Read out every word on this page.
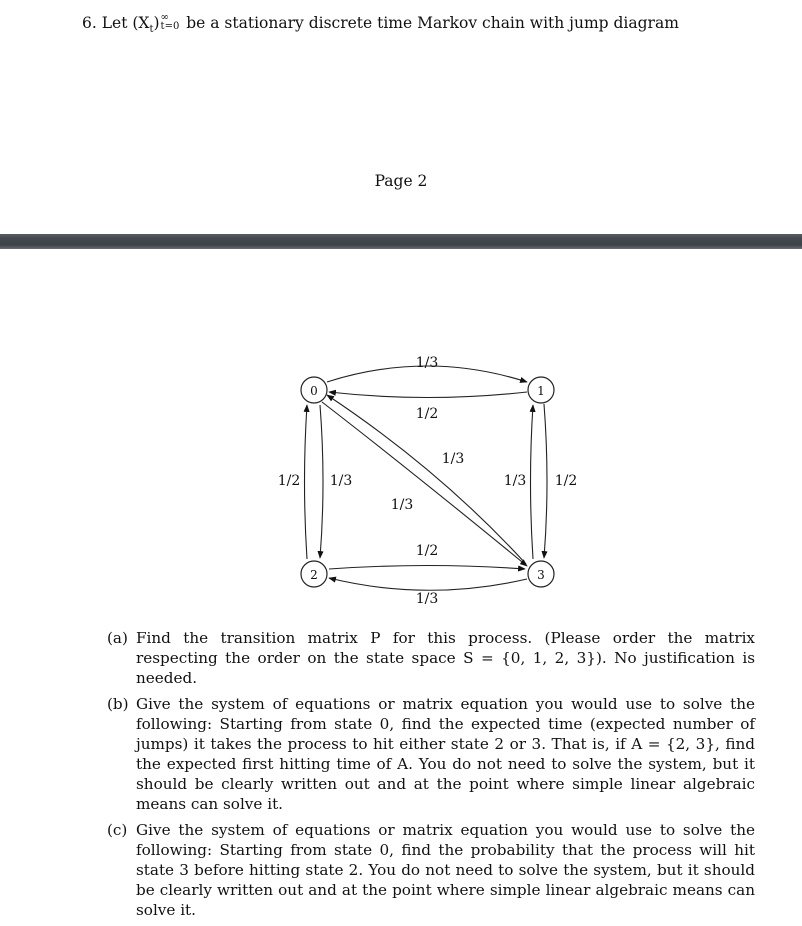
6. Let $(X_t)$ ∞
t=0 be a stationary discrete time Markov chain with jump diagram
Page 2
0	1
2	3
1/3
1/2
1/3
1/3
1/3
1/2	1/2
1/3
1/2
1/3
(a) Find the transition matrix P for this process. (Please order the matrix respecting the order on the state space S = {0, 1, 2, 3}). No justification is needed.
(b) Give the system of equations or matrix equation you would use to solve the following: Starting from state 0, find the expected time (expected number of jumps) it takes the process to hit either state 2 or 3. That is, if A = {2, 3}, find the expected first hitting time of A. You do not need to solve the system, but it should be clearly written out and at the point where simple linear algebraic means can solve it.
(c) Give the system of equations or matrix equation you would use to solve the following: Starting from state 0, find the probability that the process will hit state 3 before hitting state 2. You do not need to solve the system, but it should be clearly written out and at the point where simple linear algebraic means can solve it.
